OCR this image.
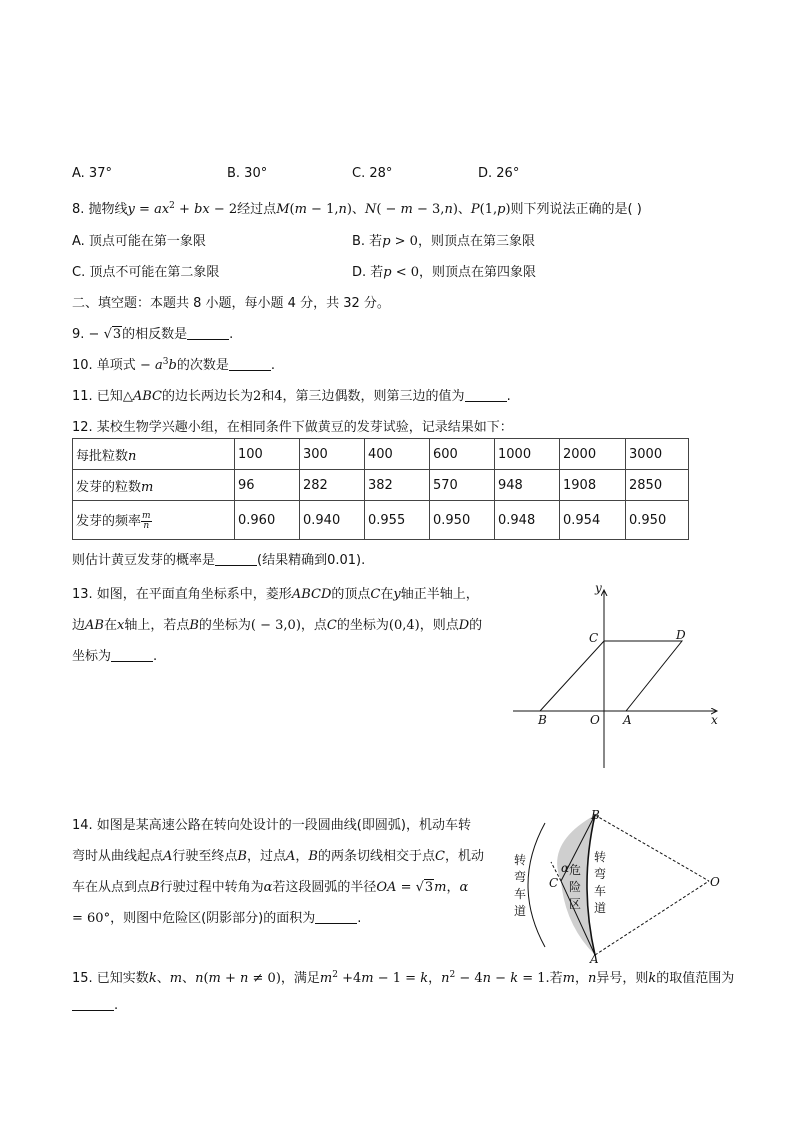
A. 37°	B. 30°	C. 28°	D. 26°
8. 抛物线$y = ax^2$ + bx − 2经过点M(m − 1,n)、N( − m − 3,n)、P(1,p)则下列说法正确的是( )
A. 顶点可能在第一象限	B. 若p > 0，则顶点在第三象限
C. 顶点不可能在第二象限	D. 若p < 0，则顶点在第四象限
二、填空题：本题共 8 小题，每小题 4 分，共 32 分。
9. − √3的相反数是	.
10. 单项式 − $a^3b$的次数是	.
11. 已知△ABC的边长两边长为2和4，第三边偶数，则第三边的值为	.
12. 某校生物学兴趣小组，在相同条件下做黄豆的发芽试验，记录结果如下：
每批粒数n	100	300	400	600	1000	2000	3000
发芽的粒数m	96	282	382	570	948	1908	2850
发芽的频率 $\frac{m}{n}$	0.960	0.940	0.955	0.950	0.948	0.954	0.950
则估计黄豆发芽的概率是	(结果精确到0.01).
13. 如图，在平面直角坐标系中，菱形ABCD的顶点C在y轴正半轴上，
边AB在x轴上，若点B的坐标为( − 3,0)，点C的坐标为(0,4)，则点D的
坐标为	.
y
x
B	O A
C	D
14. 如图是某高速公路在转向处设计的一段圆曲线(即圆弧)，机动车转
弯时从曲线起点A行驶至终点B，过点A，B的两条切线相交于点C，机动
车在从点到点B行驶过程中转角为α若这段圆弧的半径OA = √3m，α
= 60°，则图中危险区(阴影部分)的面积为	.
B
A
C	O
α
转
弯
车
道
转
弯
车
道
危
险
区
15. 已知实数k、m、n(m + n ≠ 0)，满足$m^2 +4m - 1 = k$，$n^2 - 4n - k = 1$.若m，n异号，则k的取值范围为
.
